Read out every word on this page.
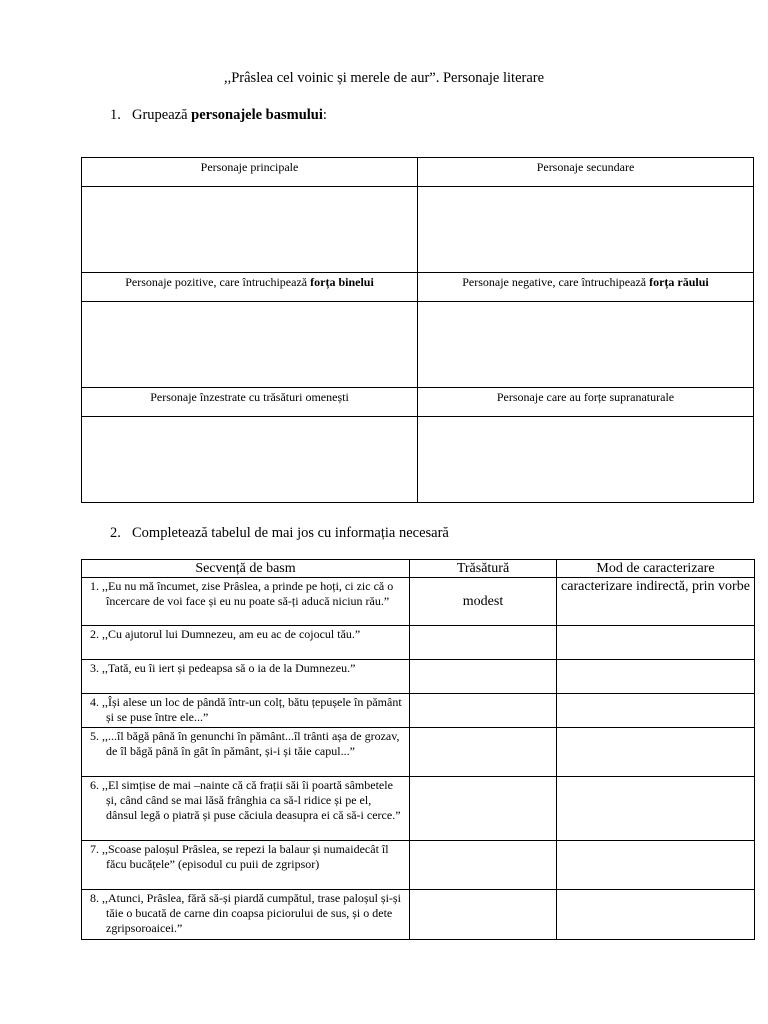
,,Prâslea cel voinic și merele de aur”. Personaje literare
1. Grupează personajele basmului:
Personaje principale	Personaje secundare

Personaje pozitive, care întruchipează forța binelui	Personaje negative, care întruchipează forța răului

Personaje înzestrate cu trăsături omenești	Personaje care au forțe supranaturale

2. Completează tabelul de mai jos cu informația necesară
Secvență de basm	Trăsătură	Mod de caracterizare
1. ,,Eu nu mă încumet, zise Prâslea, a prinde pe hoți, ci zic că o încercare de voi face și eu nu poate să-ți aducă niciun rău.”	modest	caracterizare indirectă, prin vorbe
2. ,,Cu ajutorul lui Dumnezeu, am eu ac de cojocul tău.”		
3. ,,Tată, eu îi iert și pedeapsa să o ia de la Dumnezeu.”		
4. ,,Își alese un loc de pândă într-un colț, bătu țepușele în pământ și se puse între ele...”		
5. ,,...îl băgă până în genunchi în pământ...îl trânti așa de grozav, de îl băgă până în gât în pământ, și-i și tăie capul...”		
6. ,,El simțise de mai –nainte că că frații săi îi poartă sâmbetele și, când când se mai lăsă frânghia ca să-l ridice și pe el, dânsul legă o piatră și puse căciula deasupra ei că să-i cerce.”		
7. ,,Scoase paloșul Prâslea, se repezi la balaur și numaidecât îl făcu bucățele” (episodul cu puii de zgripsor)		
8. ,,Atunci, Prâslea, fără să-și piardă cumpătul, trase paloșul și-și tăie o bucată de carne din coapsa piciorului de sus, și o dete zgripsoroaicei.”		
